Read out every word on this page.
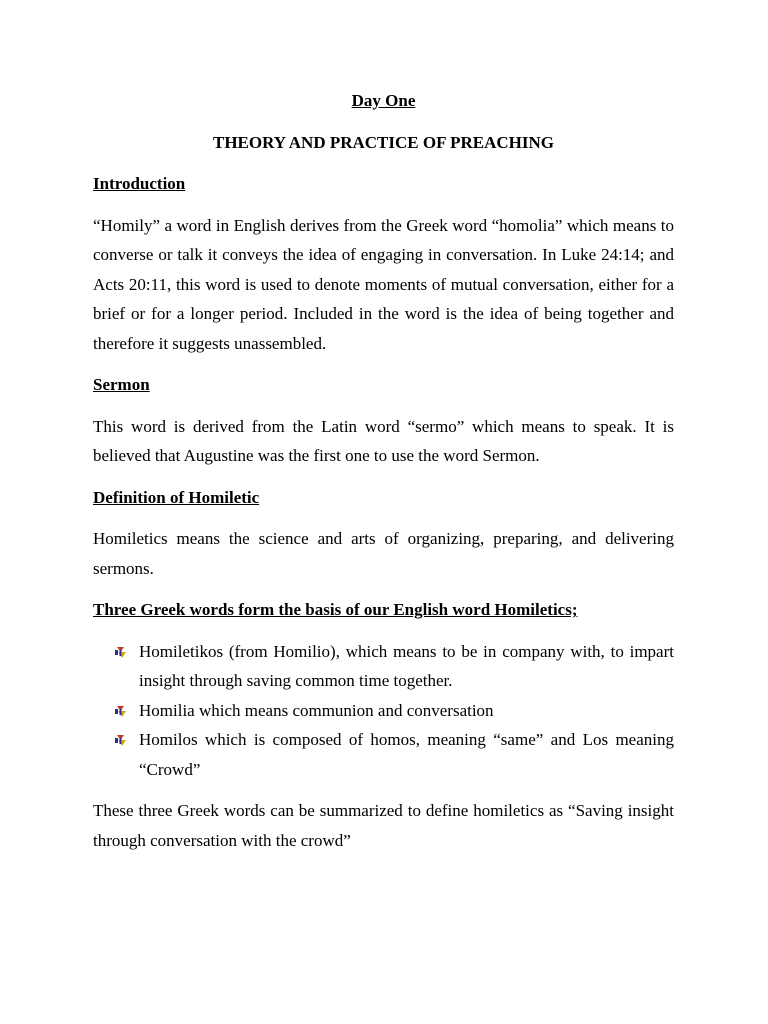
Day One

THEORY AND PRACTICE OF PREACHING

Introduction

“Homily” a word in English derives from the Greek word “homolia” which means to converse or talk it conveys the idea of engaging in conversation. In Luke 24:14; and Acts 20:11, this word is used to denote moments of mutual conversation, either for a brief or for a longer period. Included in the word is the idea of being together and therefore it suggests unassembled.

Sermon

This word is derived from the Latin word “sermo” which means to speak. It is believed that Augustine was the first one to use the word Sermon.

Definition of Homiletic

Homiletics means the science and arts of organizing, preparing, and delivering sermons.

Three Greek words form the basis of our English word Homiletics;

Homiletikos (from Homilio), which means to be in company with, to impart insight through saving common time together.
Homilia which means communion and conversation
Homilos which is composed of homos, meaning “same” and Los meaning “Crowd”

These three Greek words can be summarized to define homiletics as “Saving insight through conversation with the crowd”
